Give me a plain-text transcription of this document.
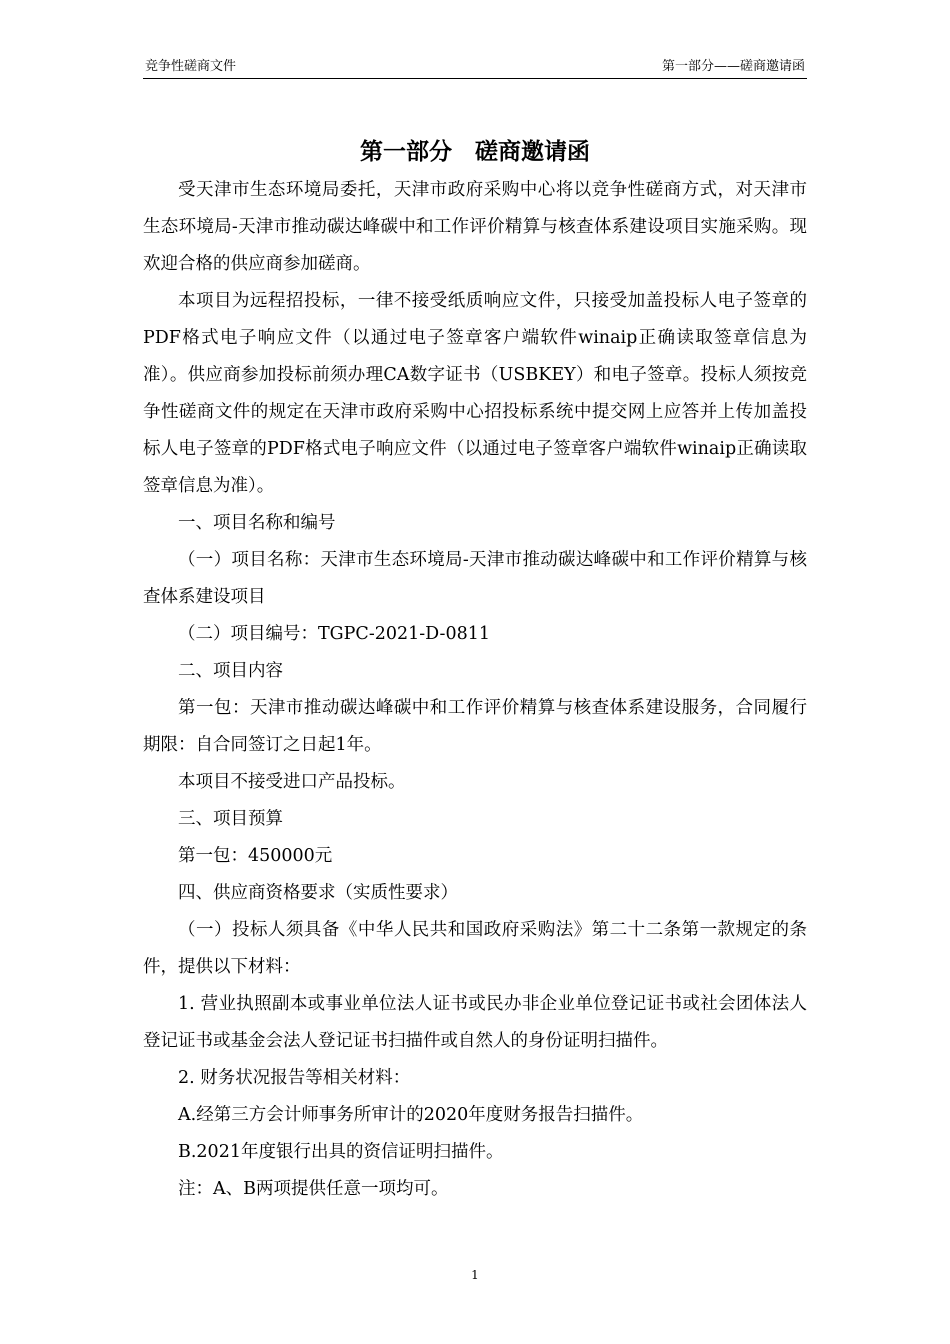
竞争性磋商文件	第一部分——磋商邀请函
第一部分　磋商邀请函

受天津市生态环境局委托，天津市政府采购中心将以竞争性磋商方式，对天津市生态环境局-天津市推动碳达峰碳中和工作评价精算与核查体系建设项目实施采购。现欢迎合格的供应商参加磋商。

本项目为远程招投标，一律不接受纸质响应文件，只接受加盖投标人电子签章的PDF格式电子响应文件（以通过电子签章客户端软件winaip正确读取签章信息为准）。供应商参加投标前须办理CA数字证书（USBKEY）和电子签章。投标人须按竞争性磋商文件的规定在天津市政府采购中心招投标系统中提交网上应答并上传加盖投标人电子签章的PDF格式电子响应文件（以通过电子签章客户端软件winaip正确读取签章信息为准）。

一、项目名称和编号

（一）项目名称：天津市生态环境局-天津市推动碳达峰碳中和工作评价精算与核查体系建设项目

（二）项目编号：TGPC-2021-D-0811

二、项目内容

第一包：天津市推动碳达峰碳中和工作评价精算与核查体系建设服务，合同履行期限：自合同签订之日起1年。

本项目不接受进口产品投标。

三、项目预算

第一包：450000元

四、供应商资格要求（实质性要求）

（一）投标人须具备《中华人民共和国政府采购法》第二十二条第一款规定的条件，提供以下材料：

1. 营业执照副本或事业单位法人证书或民办非企业单位登记证书或社会团体法人登记证书或基金会法人登记证书扫描件或自然人的身份证明扫描件。

2. 财务状况报告等相关材料：

A.经第三方会计师事务所审计的2020年度财务报告扫描件。

B.2021年度银行出具的资信证明扫描件。

注：A、B两项提供任意一项均可。

1
